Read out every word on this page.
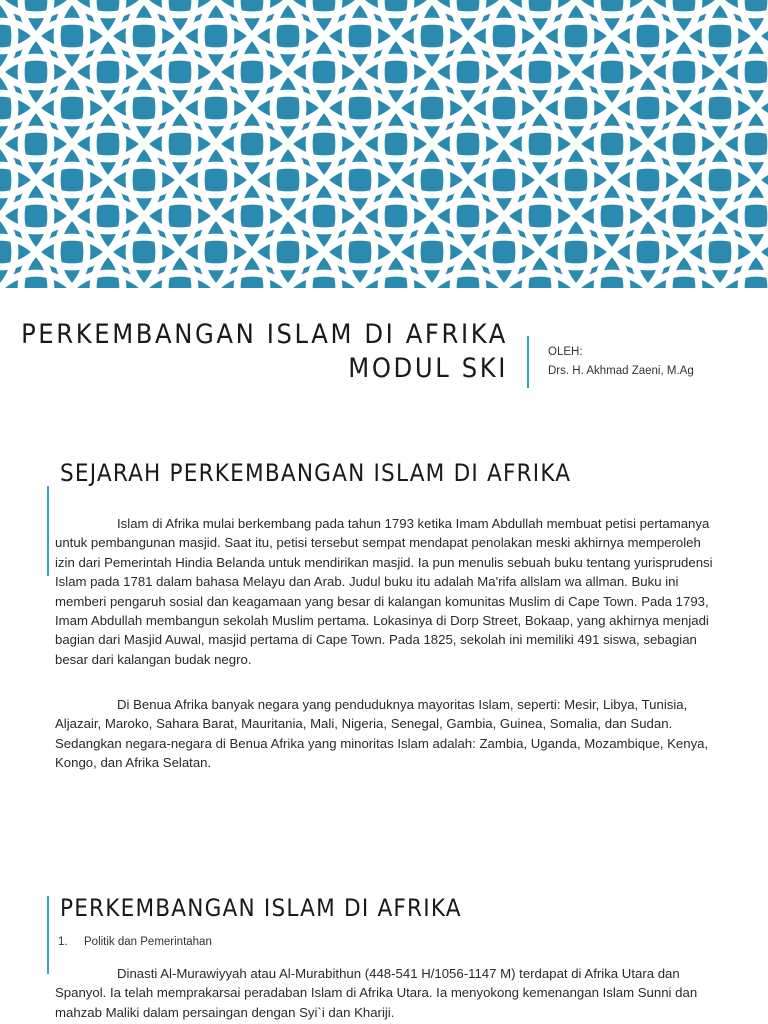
PERKEMBANGAN ISLAM DI AFRIKA
MODUL SKI
OLEH:
Drs. H. Akhmad Zaeni, M.Ag
SEJARAH PERKEMBANGAN ISLAM DI AFRIKA

Islam di Afrika mulai berkembang pada tahun 1793 ketika Imam Abdullah membuat petisi pertamanya untuk pembangunan masjid. Saat itu, petisi tersebut sempat mendapat penolakan meski akhirnya memperoleh izin dari Pemerintah Hindia Belanda untuk mendirikan masjid. Ia pun menulis sebuah buku tentang yurisprudensi Islam pada 1781 dalam bahasa Melayu dan Arab. Judul buku itu adalah Ma'rifa allslam wa allman. Buku ini memberi pengaruh sosial dan keagamaan yang besar di kalangan komunitas Muslim di Cape Town. Pada 1793, Imam Abdullah membangun sekolah Muslim pertama. Lokasinya di Dorp Street, Bokaap, yang akhirnya menjadi bagian dari Masjid Auwal, masjid pertama di Cape Town. Pada 1825, sekolah ini memiliki 491 siswa, sebagian besar dari kalangan budak negro.

Di Benua Afrika banyak negara yang penduduknya mayoritas Islam, seperti: Mesir, Libya, Tunisia, Aljazair, Maroko, Sahara Barat, Mauritania, Mali, Nigeria, Senegal, Gambia, Guinea, Somalia, dan Sudan. Sedangkan negara-negara di Benua Afrika yang minoritas Islam adalah: Zambia, Uganda, Mozambique, Kenya, Kongo, dan Afrika Selatan.

PERKEMBANGAN ISLAM DI AFRIKA
1. Politik dan Pemerintahan

Dinasti Al-Murawiyyah atau Al-Murabithun (448-541 H/1056-1147 M) terdapat di Afrika Utara dan Spanyol. Ia telah memprakarsai peradaban Islam di Afrika Utara. Ia menyokong kemenangan Islam Sunni dan mahzab Maliki dalam persaingan dengan Syi`i dan Khariji.
